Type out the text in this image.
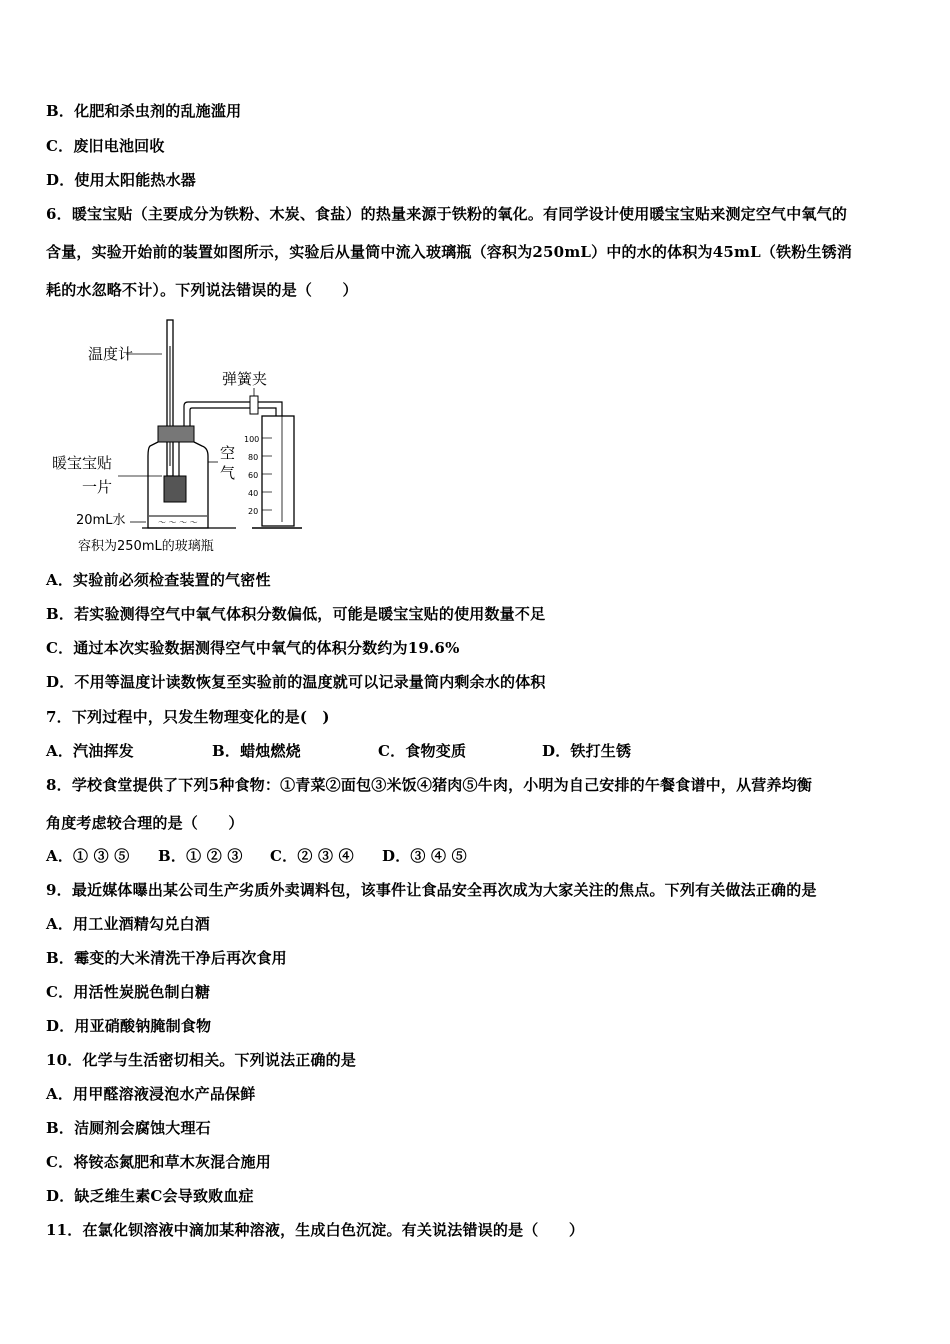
B．化肥和杀虫剂的乱施滥用
C．废旧电池回收
D．使用太阳能热水器
6．暖宝宝贴（主要成分为铁粉、木炭、食盐）的热量来源于铁粉的氧化。有同学设计使用暖宝宝贴来测定空气中氧气的
含量，实验开始前的装置如图所示，实验后从量筒中流入玻璃瓶（容积为250mL）中的水的体积为45mL（铁粉生锈消
耗的水忽略不计）。下列说法错误的是（　　）
温度计
暖宝宝贴
一片
空
气
～ ～ ～ ～
20mL水
容积为250mL的玻璃瓶
弹簧夹
100
80
60
40
20
A．实验前必须检查装置的气密性
B．若实验测得空气中氧气体积分数偏低，可能是暖宝宝贴的使用数量不足
C．通过本次实验数据测得空气中氧气的体积分数约为19.6%
D．不用等温度计读数恢复至实验前的温度就可以记录量筒内剩余水的体积
7．下列过程中，只发生物理变化的是(　)
A．汽油挥发	B．蜡烛燃烧	C．食物变质	D．铁打生锈
8．学校食堂提供了下列5种食物：①青菜②面包③米饭④猪肉⑤牛肉，小明为自己安排的午餐食谱中，从营养均衡
角度考虑较合理的是（　　）
A．① ③ ⑤ B．① ② ③ C．② ③ ④ D．③ ④ ⑤
9．最近媒体曝出某公司生产劣质外卖调料包，该事件让食品安全再次成为大家关注的焦点。下列有关做法正确的是
A．用工业酒精勾兑白酒
B．霉变的大米清洗干净后再次食用
C．用活性炭脱色制白糖
D．用亚硝酸钠腌制食物
10．化学与生活密切相关。下列说法正确的是
A．用甲醛溶液浸泡水产品保鲜
B．洁厕剂会腐蚀大理石
C．将铵态氮肥和草木灰混合施用
D．缺乏维生素C会导致败血症
11．在氯化钡溶液中滴加某种溶液，生成白色沉淀。有关说法错误的是（　　）
